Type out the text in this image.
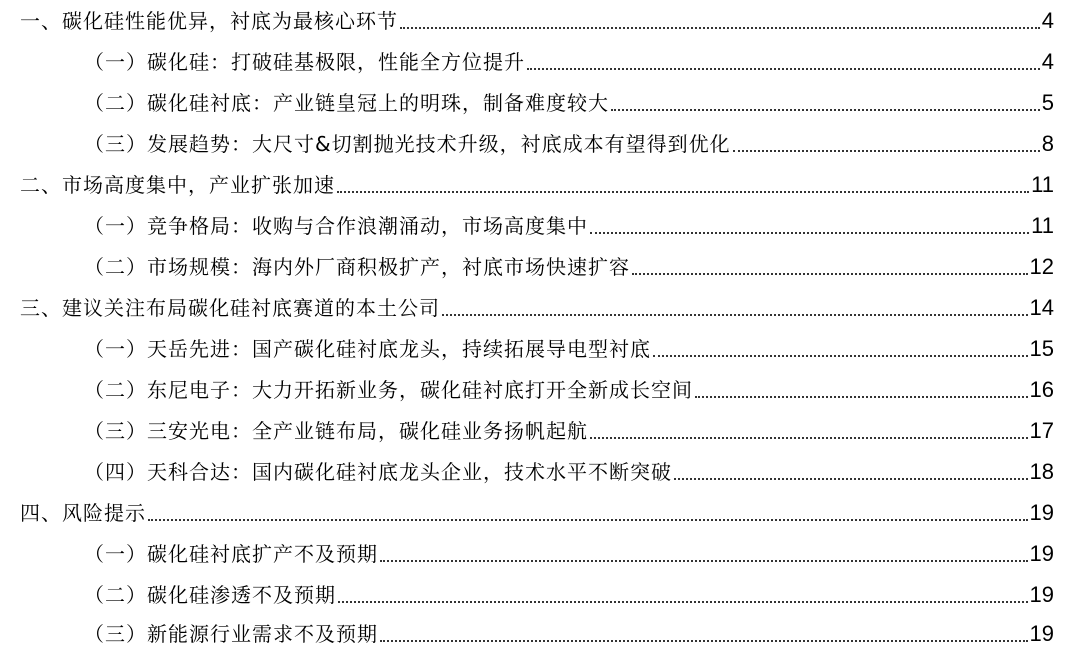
一、碳化硅性能优异，衬底为最核心环节	4
（一）碳化硅：打破硅基极限，性能全方位提升	4
（二）碳化硅衬底：产业链皇冠上的明珠，制备难度较大	5
（三）发展趋势：大尺寸&切割抛光技术升级，衬底成本有望得到优化	8
二、市场高度集中，产业扩张加速	11
（一）竞争格局：收购与合作浪潮涌动，市场高度集中	11
（二）市场规模：海内外厂商积极扩产，衬底市场快速扩容	12
三、建议关注布局碳化硅衬底赛道的本土公司	14
（一）天岳先进：国产碳化硅衬底龙头，持续拓展导电型衬底	15
（二）东尼电子：大力开拓新业务，碳化硅衬底打开全新成长空间	16
（三）三安光电：全产业链布局，碳化硅业务扬帆起航	17
（四）天科合达：国内碳化硅衬底龙头企业，技术水平不断突破	18
四、风险提示	19
（一）碳化硅衬底扩产不及预期	19
（二）碳化硅渗透不及预期	19
（三）新能源行业需求不及预期	19
